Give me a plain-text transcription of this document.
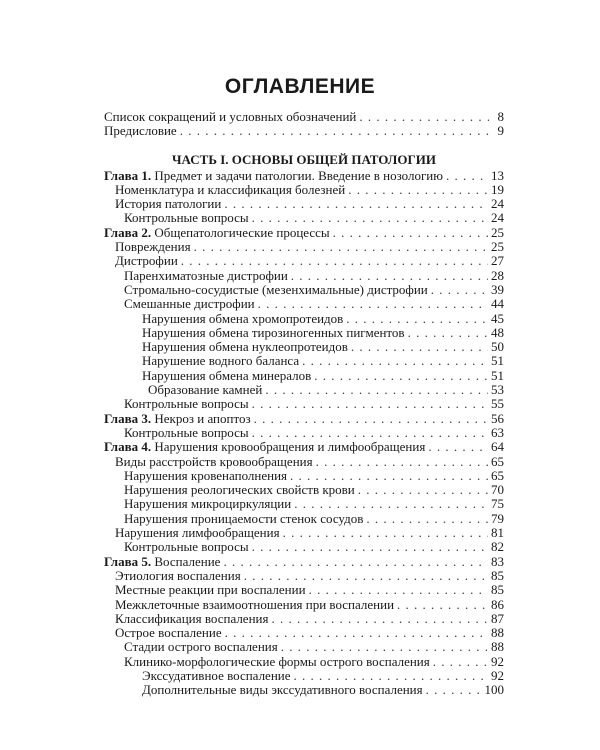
ОГЛАВЛЕНИЕ
Список сокращений и условных обозначений . . .	8
Предисловие . . .	9
ЧАСТЬ I. ОСНОВЫ ОБЩЕЙ ПАТОЛОГИИ
Глава 1. Предмет и задачи патологии. Введение в нозологию . . .	13
Номенклатура и классификация болезней . . .	19
История патологии . . .	24
Контрольные вопросы . . .	24
Глава 2. Общепатологические процессы . . .	25
Повреждения . . .	25
Дистрофии . . .	27
Паренхиматозные дистрофии . . .	28
Стромально-сосудистые (мезенхимальные) дистрофии . . .	39
Смешанные дистрофии . . .	44
Нарушения обмена хромопротеидов . . .	45
Нарушения обмена тирозиногенных пигментов . . .	48
Нарушения обмена нуклеопротеидов . . .	50
Нарушение водного баланса . . .	51
Нарушения обмена минералов . . .	51
Образование камней . . .	53
Контрольные вопросы . . .	55
Глава 3. Некроз и апоптоз . . .	56
Контрольные вопросы . . .	63
Глава 4. Нарушения кровообращения и лимфообращения . . .	64
Виды расстройств кровообращения . . .	65
Нарушения кровенаполнения . . .	65
Нарушения реологических свойств крови . . .	70
Нарушения микроциркуляции . . .	75
Нарушения проницаемости стенок сосудов . . .	79
Нарушения лимфообращения . . .	81
Контрольные вопросы . . .	82
Глава 5. Воспаление . . .	83
Этиология воспаления . . .	85
Местные реакции при воспалении . . .	85
Межклеточные взаимоотношения при воспалении . . .	86
Классификация воспаления . . .	87
Острое воспаление . . .	88
Стадии острого воспаления . . .	88
Клинико-морфологические формы острого воспаления . . .	92
Экссудативное воспаление . . .	92
Дополнительные виды экссудативного воспаления . . .	100
